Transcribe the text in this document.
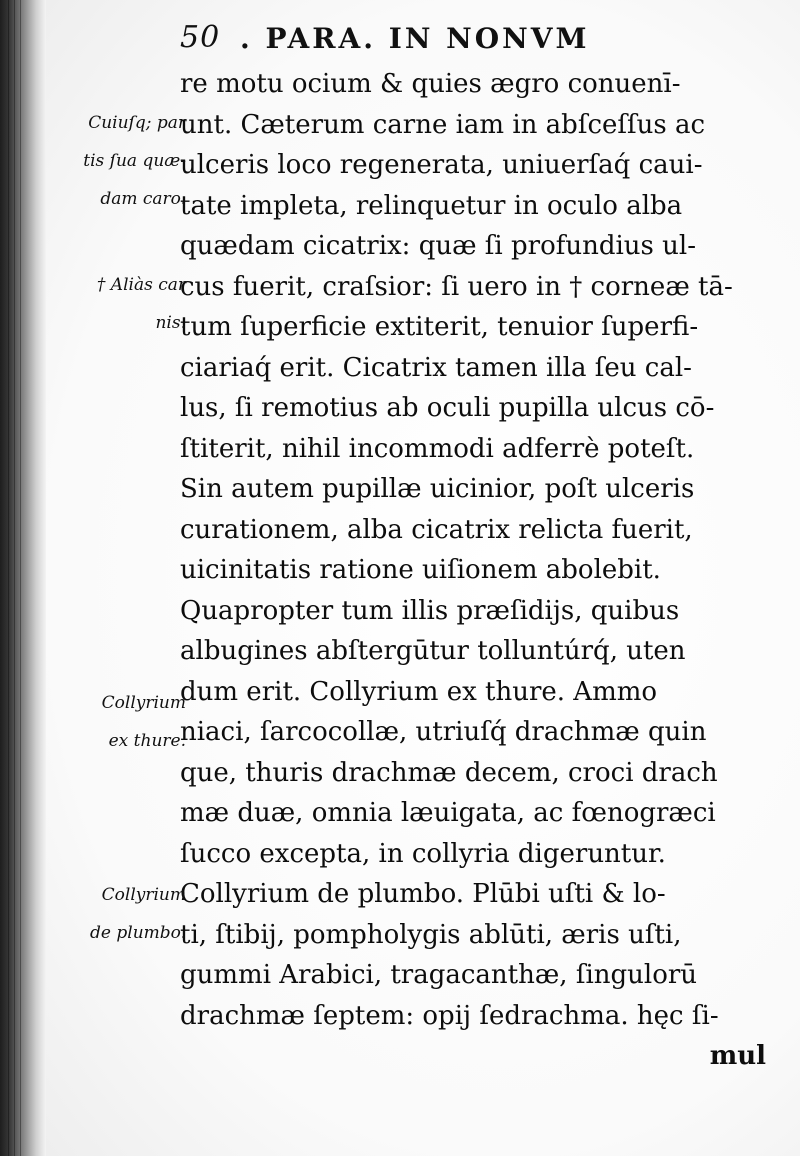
50 . PARA. IN NONVM
re motu ocium & quies ægro conuenī-
unt. Cæterum carne iam in abſceſſus ac
ulceris loco regenerata, uniuerſaq́ caui-
tate impleta, relinquetur in oculo alba
quædam cicatrix: quæ ſi profundius ul-
cus fuerit, craſsior: ſi uero in † corneæ tā-
tum ſuperficie extiterit, tenuior ſuperfi-
ciariaq́ erit. Cicatrix tamen illa ſeu cal-
lus, ſi remotius ab oculi pupilla ulcus cō-
ſtiterit, nihil incommodi adferrè poteſt.
Sin autem pupillæ uicinior, poſt ulceris
curationem, alba cicatrix relicta fuerit,
uicinitatis ratione uiſionem abolebit.
Quapropter tum illis præſidijs, quibus
albugines abſtergūtur tolluntúrq́, uten
dum erit. Collyrium ex thure. Ammo
niaci, ſarcocollæ, utriuſq́ drachmæ quin
que, thuris drachmæ decem, croci drach
mæ duæ, omnia læuigata, ac fœnogræci
ſucco excepta, in collyria digeruntur.
Collyrium de plumbo. Plūbi uſti & lo-
ti, ſtibij, pompholygis ablūti, æris uſti,
gummi Arabici, tragacanthæ, ſingulorū
drachmæ ſeptem: opij ſedrachma. hęc ſi-
mul
Cuiuſq; par
tis ſua quæ-
dam caro.
† Aliàs car
nis.
Collyrium
ex thure.
Collyrium
de plumbo.
